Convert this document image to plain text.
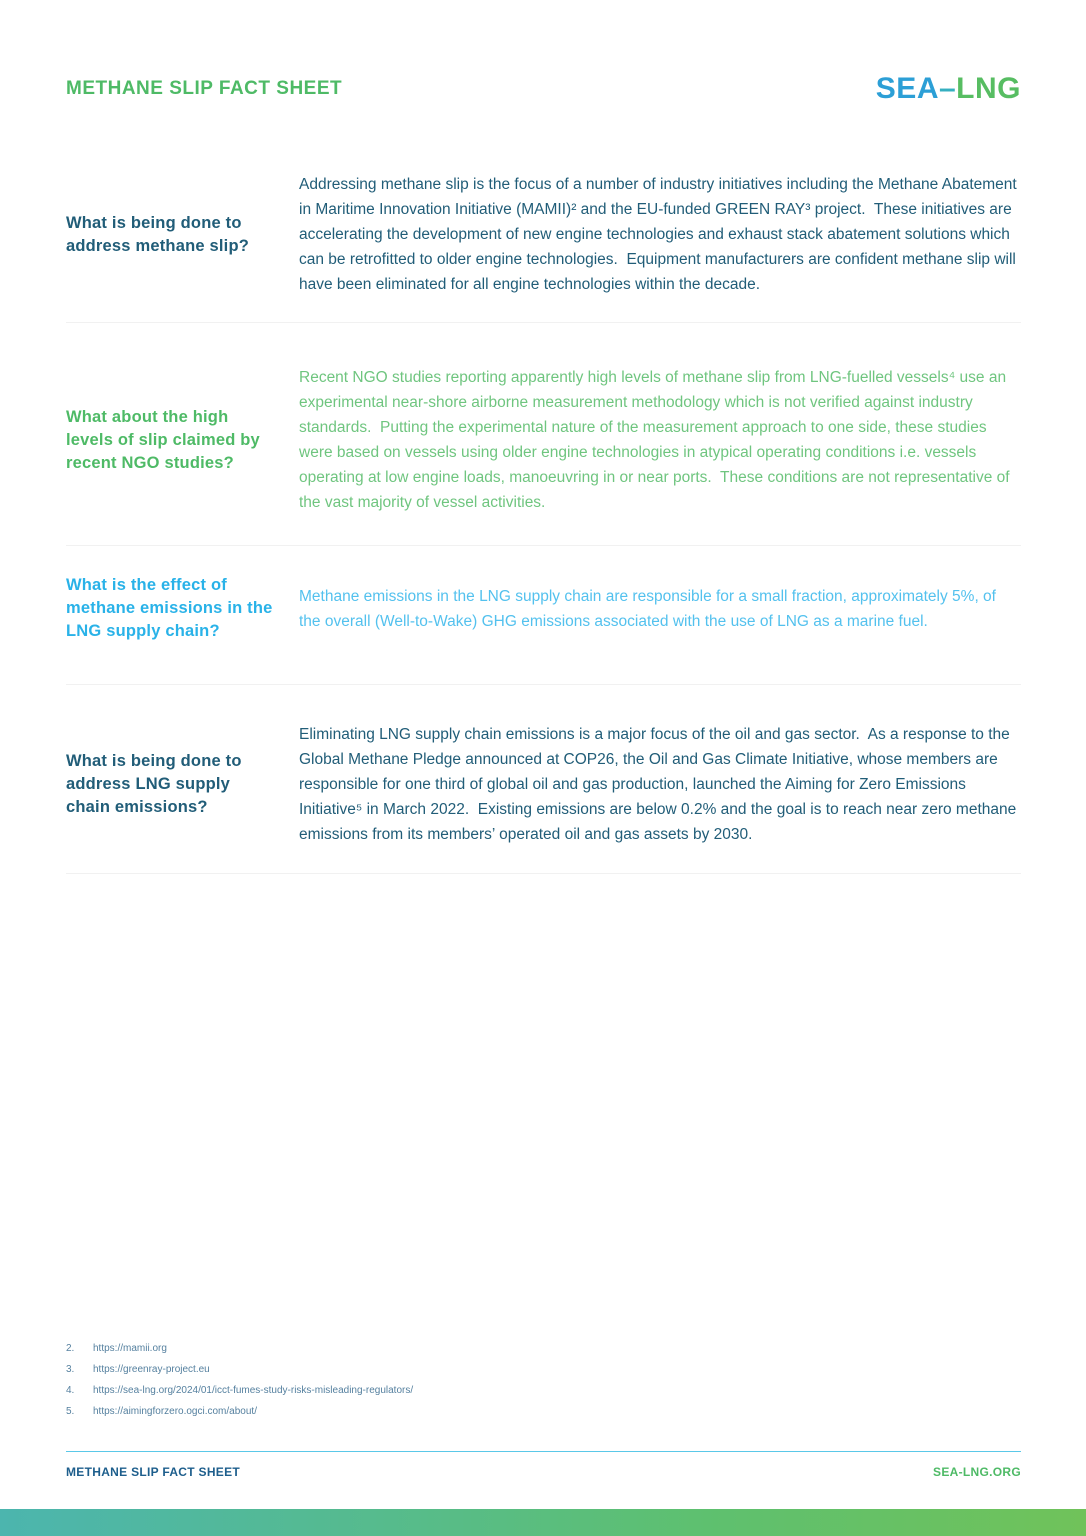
METHANE SLIP FACT SHEET	SEA–LNG
What is being done to address methane slip?
Addressing methane slip is the focus of a number of industry initiatives including the Methane Abatement in Maritime Innovation Initiative (MAMII)² and the EU-funded GREEN RAY³ project.  These initiatives are accelerating the development of new engine technologies and exhaust stack abatement solutions which can be retrofitted to older engine technologies.  Equipment manufacturers are confident methane slip will have been eliminated for all engine technologies within the decade.
What about the high levels of slip claimed by recent NGO studies?
Recent NGO studies reporting apparently high levels of methane slip from LNG-fuelled vessels⁴ use an experimental near-shore airborne measurement methodology which is not verified against industry standards.  Putting the experimental nature of the measurement approach to one side, these studies were based on vessels using older engine technologies in atypical operating conditions i.e. vessels operating at low engine loads, manoeuvring in or near ports.  These conditions are not representative of the vast majority of vessel activities.
What is the effect of methane emissions in the LNG supply chain?
Methane emissions in the LNG supply chain are responsible for a small fraction, approximately 5%, of the overall (Well-to-Wake) GHG emissions associated with the use of LNG as a marine fuel.
What is being done to address LNG supply chain emissions?
Eliminating LNG supply chain emissions is a major focus of the oil and gas sector.  As a response to the Global Methane Pledge announced at COP26, the Oil and Gas Climate Initiative, whose members are responsible for one third of global oil and gas production, launched the Aiming for Zero Emissions Initiative⁵ in March 2022.  Existing emissions are below 0.2% and the goal is to reach near zero methane emissions from its members’ operated oil and gas assets by 2030.
2.	https://mamii.org
3.	https://greenray-project.eu
4.	https://sea-lng.org/2024/01/icct-fumes-study-risks-misleading-regulators/
5.	https://aimingforzero.ogci.com/about/
METHANE SLIP FACT SHEET	SEA-LNG.ORG
